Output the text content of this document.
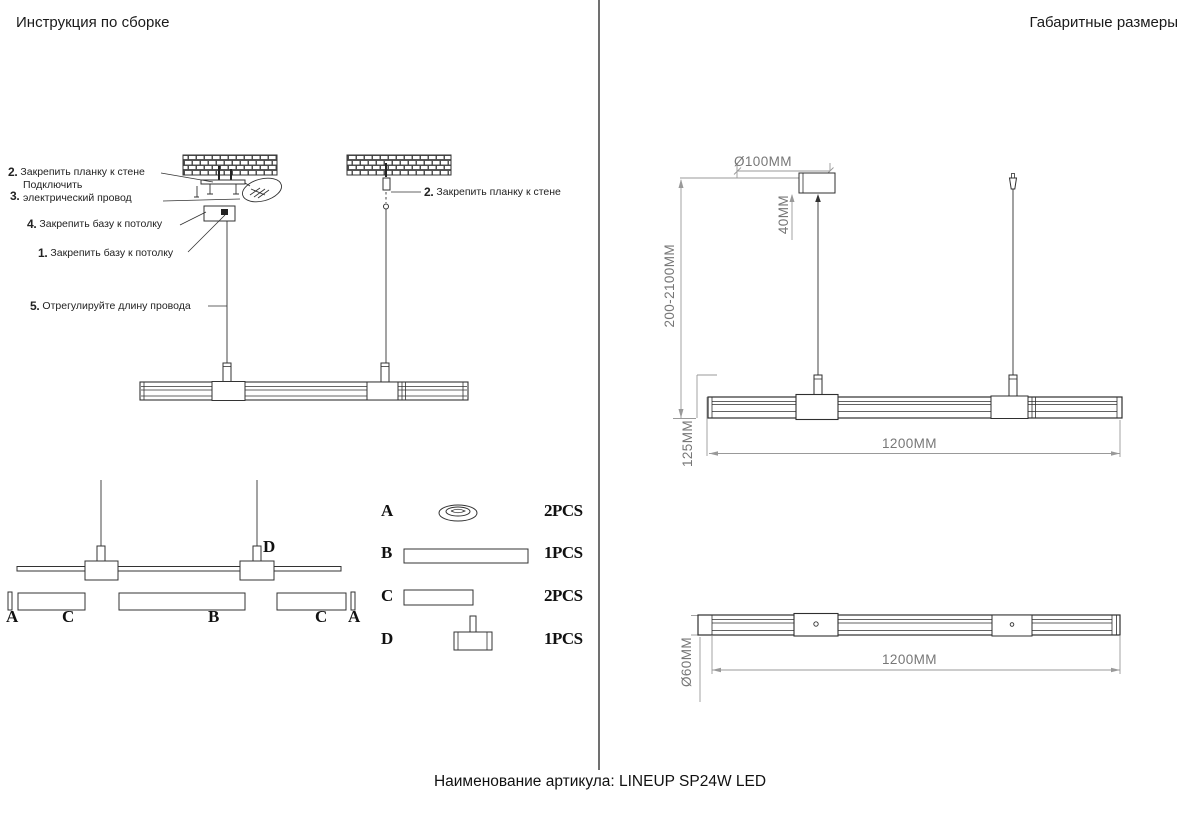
Инструкция по сборке	Габаритные размеры
2. Закрепить планку к стене
3.
Подключить электрический провод
4. Закрепить базу к потолку
1. Закрепить базу к потолку
2. Закрепить планку к стене
5. Отрегулируйте длину провода
A	C	B	C A
D
A	2PCS
B	1PCS
C	2PCS
D	1PCS
Ø100MM
40MM
200-2100MM
125MM	1200MM
Ø60MM	1200MM
Наименование артикула: LINEUP SP24W LED
